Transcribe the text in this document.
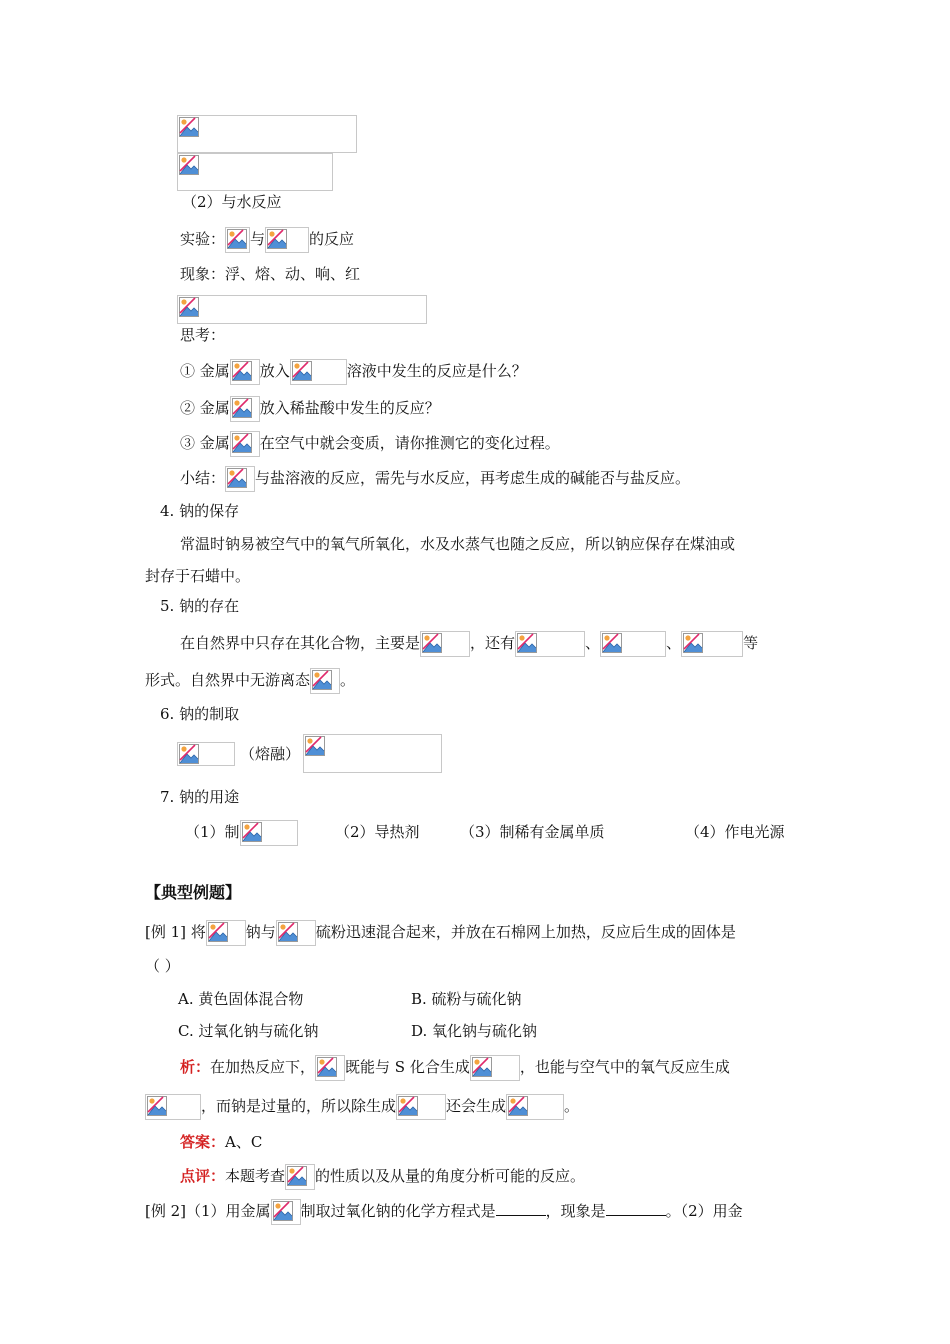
（2）与水反应
实验： 与	的反应
现象：浮、熔、动、响、红
思考：
① 金属 放入	溶液中发生的反应是什么？
② 金属 放入稀盐酸中发生的反应？
③ 金属 在空气中就会变质，请你推测它的变化过程。
小结： 与盐溶液的反应，需先与水反应，再考虑生成的碱能否与盐反应。
4. 钠的保存
常温时钠易被空气中的氧气所氧化，水及水蒸气也随之反应，所以钠应保存在煤油或
封存于石蜡中。
5. 钠的存在
在自然界中只存在其化合物，主要是	，还有	、	、	等
形式。自然界中无游离态 。
6. 钠的制取
（熔融）
7. 钠的用途
（1）制	（2）导热剂	（3）制稀有金属单质	（4）作电光源
【典型例题】
[例 1] 将	钠与	硫粉迅速混合起来，并放在石棉网上加热，反应后生成的固体是
（ ）
A. 黄色固体混合物	B. 硫粉与硫化钠
C. 过氧化钠与硫化钠	D. 氧化钠与硫化钠
析：在加热反应下， 既能与 S 化合生成	，也能与空气中的氧气反应生成
，而钠是过量的，所以除生成	还会生成	。
答案：A、C
点评：本题考查 的性质以及从量的角度分析可能的反应。
[例 2]（1）用金属 制取过氧化钠的化学方程式是	，现象是	。（2）用金
